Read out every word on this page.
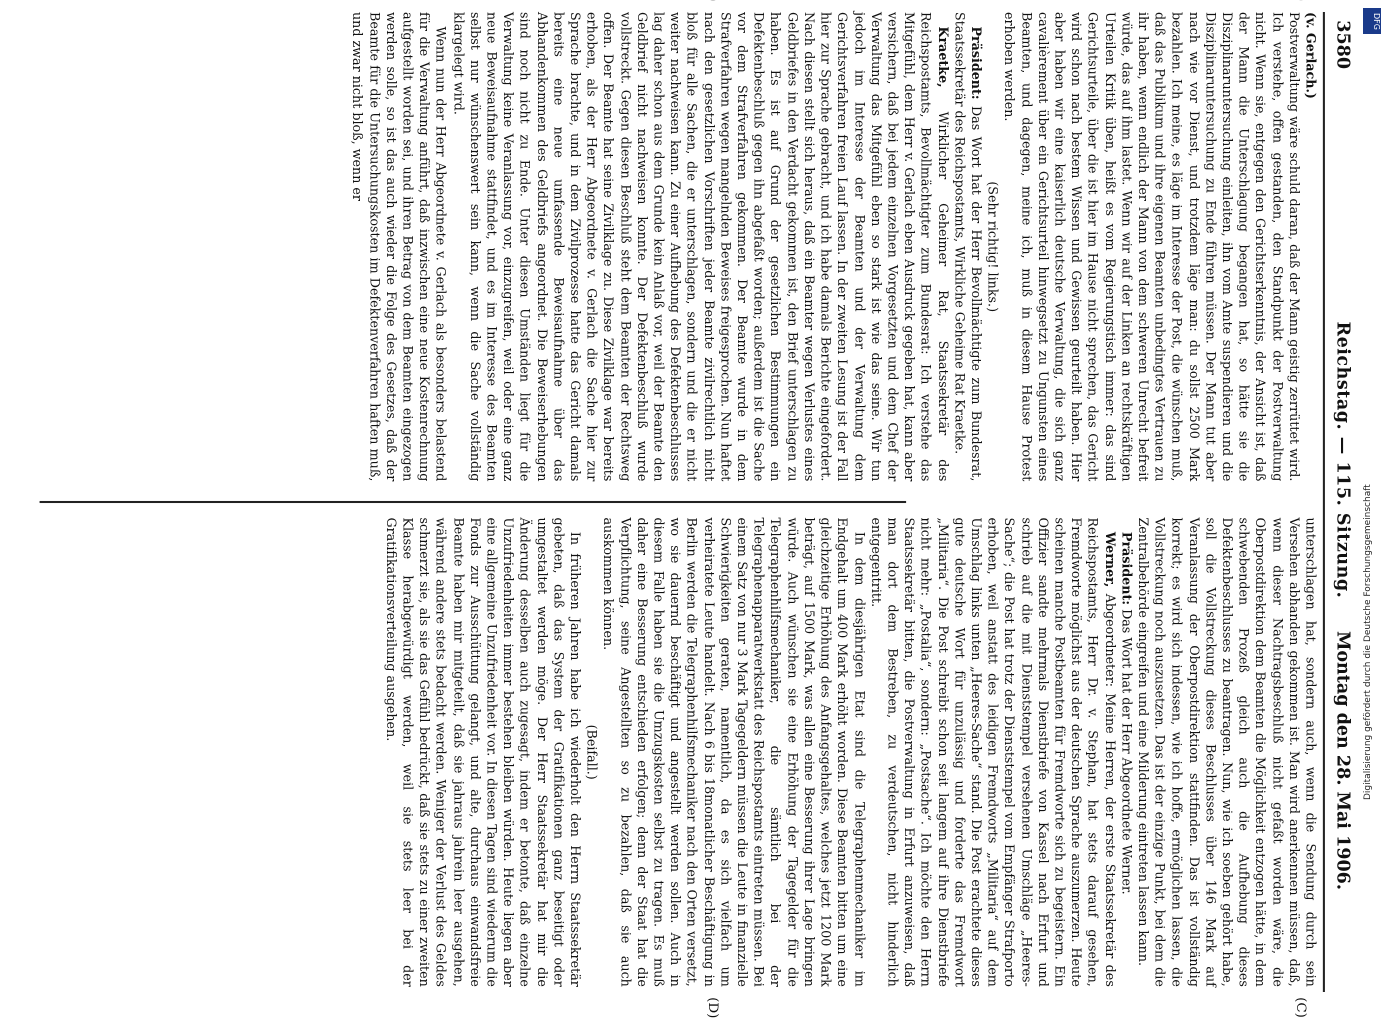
DFG
Digitalisierung gefördert durch die Deutsche Forschungsgemeinschaft
3580
Reichstag. — 115. Sitzung.
Montag den 28. Mai 1906.
(C)
(D)

(v. Gerlach.)

Postverwaltung wäre schuld daran, daß der Mann geistig zerrüttet wird. Ich verstehe, offen gestanden, den Standpunkt der Postverwaltung nicht. Wenn sie, entgegen den Gerichtserkenntnis, der Ansicht ist, daß der Mann die Unterschlagung begangen hat, so hätte sie die Disziplinaruntersuchung einleiten, ihn vom Amte suspendieren und die Disziplinaruntersuchung zu Ende führen müssen. Der Mann tut aber nach wie vor Dienst, und trotzdem läge man: du sollst 2500 Mark bezahlen. Ich meine, es läge im Interesse der Post, die wünschen muß, daß das Publikum und ihre eigenen Beamten unbedingtes Vertrauen zu ihr haben, wenn endlich der Mann von dem schweren Unrecht befreit würde, das auf ihm lastet. Wenn wir auf der Linken an rechtskräftigen Urteilen Kritik üben, heißt es vom Regierungstisch immer: das sind Gerichtsurteile, über die ist hier im Hause nicht sprechen, das Gericht wird schon nach bestem Wissen und Gewissen geurteilt haben. Hier aber haben wir eine kaiserlich deutsche Verwaltung, die sich ganz cavalièrement über ein Gerichtsurteil hinwegsetzt zu Ungunsten eines Beamten, und dagegen, meine ich, muß in diesem Hause Protest erhoben werden.

(Sehr richtig! links.)

Präsident: Das Wort hat der Herr Bevollmächtigte zum Bundesrat, Staatssekretär des Reichspostamts, Wirkliche Geheime Rat Kraetke.

Kraetke, Wirklicher Geheimer Rat, Staatssekretär des Reichspostamts, Bevollmächtigter zum Bundesrat: Ich verstehe das Mitgefühl, dem Herr v. Gerlach eben Ausdruck gegeben hat, kann aber versichern, daß bei jedem einzelnen Vorgesetzten und dem Chef der Verwaltung das Mitgefühl eben so stark ist wie das seine. Wir tun jedoch im Interesse der Beamten und der Verwaltung dem Gerichtsverfahren freien Lauf lassen. In der zweiten Lesung ist der Fall hier zur Sprache gebracht, und ich habe damals Berichte eingefordert. Nach diesen stellt sich heraus, daß ein Beamter wegen Verlustes eines Geldbriefes in den Verdacht gekommen ist, den Brief unterschlagen zu haben. Es ist auf Grund der gesetzlichen Bestimmungen ein Defektenbeschluß gegen ihn abgefaßt worden; außerdem ist die Sache vor dem Strafverfahren gekommen. Der Beamte wurde in dem Strafverfahren wegen mangelnden Beweises freigesprochen. Nun haftet nach den gesetzlichen Vorschriften jeder Beamte zivilrechtlich nicht bloß für alle Sachen, die er unterschlagen, sondern und die er nicht weiter nachweisen kann. Zu einer Aufhebung des Defektenbeschlusses lag daher schon aus dem Grunde kein Anlaß vor, weil der Beamte den Geldbrief nicht nachweisen konnte. Der Defektenbeschluß wurde vollstreckt. Gegen diesen Beschluß steht dem Beamten der Rechtsweg offen. Der Beamte hat seine Zivilklage zu. Diese Zivilklage war bereits erhoben, als der Herr Abgeordnete v. Gerlach die Sache hier zur Sprache brachte, und in dem Zivilprozesse hatte das Gericht damals bereits eine neue umfassende Beweisaufnahme über das Abhandenkommen des Geldbriefs angeordnet. Die Beweiserhebungen sind noch nicht zu Ende. Unter diesen Umständen liegt für die Verwaltung keine Veranlassung vor, einzugreifen, weil oder eine ganz neue Beweisaufnahme stattfindet, und es im Interesse des Beamten selbst nur wünschenswert sein kann, wenn die Sache vollständig klargelegt wird.

Wenn nun der Herr Abgeordnete v. Gerlach als besonders belastend für die Verwaltung anführt, daß inzwischen eine neue Kostenrechnung aufgestellt worden sei, und ihren Betrag von dem Beamten eingezogen werden solle, so ist das auch wieder die Folge des Gesetzes, daß der Beamte für die Untersuchungskosten im Defektenverfahren haften muß, und zwar nicht bloß, wenn er

unterschlagen hat, sondern auch, wenn die Sendung durch sein Versehen abhanden gekommen ist. Man wird anerkennen müssen, daß, wenn dieser Nachtragsbeschluß nicht gefaßt worden wäre, die Oberpostdirektion dem Beamten die Möglichkeit entzogen hätte, in dem schwebenden Prozeß gleich auch die Aufhebung dieses Defektenbeschlusses zu beantragen. Nun, wie ich soeben gehört habe, soll die Vollstreckung dieses Beschlusses über 146 Mark auf Veranlassung der Oberpostdirektion stattfinden. Das ist vollständig korrekt; es wird sich indessen, wie ich hoffe, ermöglichen lassen, die Vollstreckung noch auszusetzen. Das ist der einzige Punkt, bei dem die Zentralbehörde eingreifen und eine Milderung eintreten lassen kann.

Präsident: Das Wort hat der Herr Abgeordnete Werner.

Werner, Abgeordneter: Meine Herren, der erste Staatssekretär des Reichspostamts, Herr Dr. v. Stephan, hat stets darauf gesehen, Fremdworte möglichst aus der deutschen Sprache auszumerzen. Heute scheinen manche Postbeamten für Fremdworte sich zu begeistern. Ein Offizier sandte mehrmals Dienstbriefe von Kassel nach Erfurt und schrieb auf die mit Dienststempel versehenen Umschläge „Heeres-Sache“; die Post hat trotz der Dienststempel vom Empfänger Strafporto erhoben, weil anstatt des leidigen Fremdworts „Militaria“ auf dem Umschlag links unten „Heeres-Sache“ stand. Die Post erachtete dieses gute deutsche Wort für unzulässig und forderte das Fremdwort „Militaria“. Die Post schreibt schon seit langem auf ihre Dienstbriefe nicht mehr: „Postalia“, sondern: „Postsache“. Ich möchte den Herrn Staatssekretär bitten, die Postverwaltung in Erfurt anzuweisen, daß man dort dem Bestreben, zu verdeutschen, nicht hinderlich entgegentritt.

In dem diesjährigen Etat sind die Telegraphenmechaniker im Endgehalt um 400 Mark erhöht worden. Diese Beamten bitten um eine gleichzeitige Erhöhung des Anfangsgehaltes, welches jetzt 1200 Mark beträgt, auf 1500 Mark, was allen eine Besserung ihrer Lage bringen würde. Auch wünschen sie eine Erhöhung der Tagegelder für die Telegraphenhilfsmechaniker, die sämtlich bei der Telegraphenapparatwerkstatt des Reichspostamts eintreten müssen. Bei einem Satz von nur 3 Mark Tagegeldern müssen die Leute in finanzielle Schwierigkeiten geraten, namentlich, da es sich vielfach um verheiratete Leute handelt. Nach 6 bis 18monatlicher Beschäftigung in Berlin werden die Telegraphenhilfsmechaniker nach den Orten versetzt, wo sie dauernd beschäftigt und angestellt werden sollen. Auch in diesem Falle haben sie die Umzugskosten selbst zu tragen. Es muß daher eine Besserung entschieden erfolgen; denn der Staat hat die Verpflichtung, seine Angestellten so zu bezahlen, daß sie auch auskommen können.

(Beifall.)

In früheren Jahren habe ich wiederholt den Herrn Staatssekretär gebeten, daß das System der Gratifikationen ganz beseitigt oder umgestaltet werden möge. Der Herr Staatssekretär hat mir die Änderung desselben auch zugesagt, indem er betonte, daß einzelne Unzufriedenheiten immer bestehen bleiben würden. Heute liegen aber eine allgemeine Unzufriedenheit vor. In diesen Tagen sind wiederum die Fonds zur Ausschüttung gelangt, und alte, durchaus einwandsfreie Beamte haben mir mitgeteilt, daß sie jahraus jahrein leer ausgehen, während andere stets bedacht werden. Weniger der Verlust des Geldes schmerzt sie, als sie das Gefühl bedrückt, daß sie stets zu einer zweiten Klasse herabgewürdigt werden, weil sie stets leer bei der Gratifikationsverteilung ausgehen.
